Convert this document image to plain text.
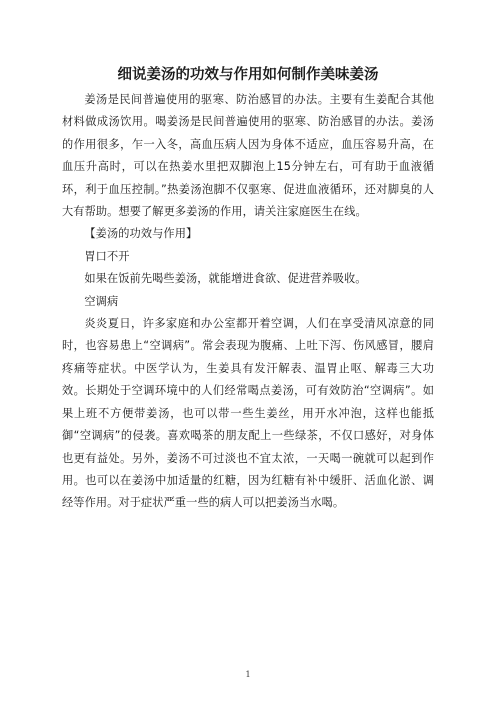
细说姜汤的功效与作用如何制作美味姜汤

姜汤是民间普遍使用的驱寒、防治感冒的办法。主要有生姜配合其他材料做成汤饮用。喝姜汤是民间普遍使用的驱寒、防治感冒的办法。姜汤的作用很多，乍一入冬，高血压病人因为身体不适应，血压容易升高，在血压升高时，可以在热姜水里把双脚泡上15分钟左右，可有助于血液循环，利于血压控制。”热姜汤泡脚不仅驱寒、促进血液循环，还对脚臭的人大有帮助。想要了解更多姜汤的作用，请关注家庭医生在线。

【姜汤的功效与作用】

胃口不开

如果在饭前先喝些姜汤，就能增进食欲、促进营养吸收。

空调病

炎炎夏日，许多家庭和办公室都开着空调，人们在享受清风凉意的同时，也容易患上“空调病”。常会表现为腹痛、上吐下泻、伤风感冒，腰肩疼痛等症状。中医学认为，生姜具有发汗解表、温胃止呕、解毒三大功效。长期处于空调环境中的人们经常喝点姜汤，可有效防治“空调病”。如果上班不方便带姜汤，也可以带一些生姜丝，用开水冲泡，这样也能抵御“空调病”的侵袭。喜欢喝茶的朋友配上一些绿茶，不仅口感好，对身体也更有益处。另外，姜汤不可过淡也不宜太浓，一天喝一碗就可以起到作用。也可以在姜汤中加适量的红糖，因为红糖有补中缓肝、活血化淤、调经等作用。对于症状严重一些的病人可以把姜汤当水喝。

1
